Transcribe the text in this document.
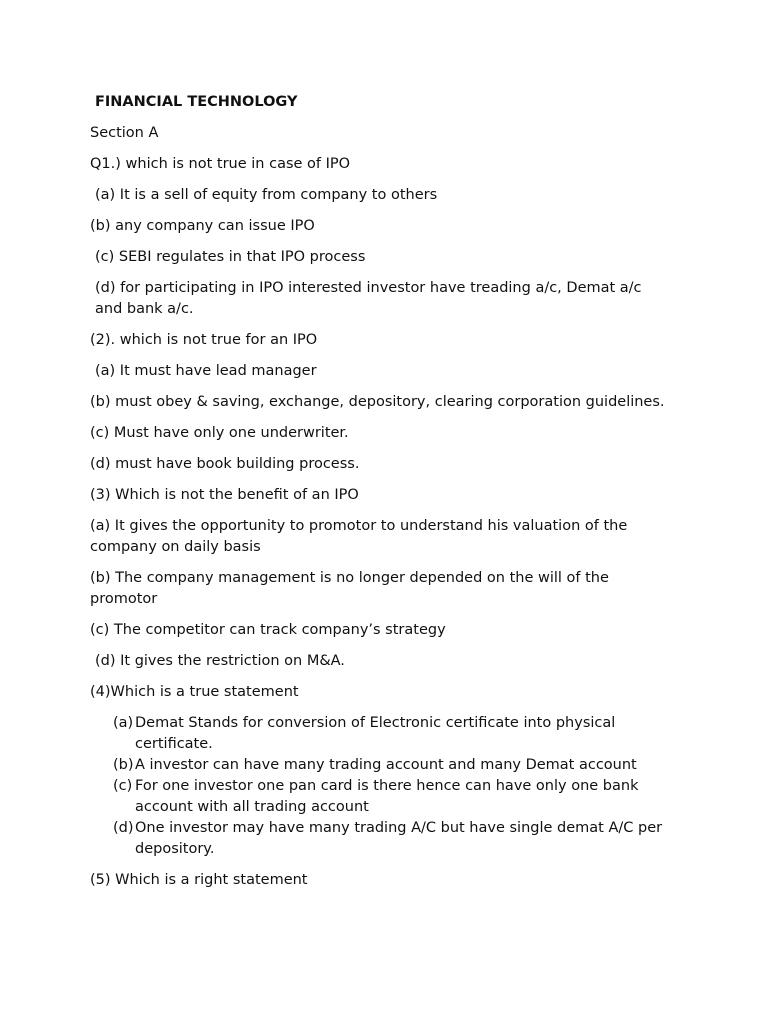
FINANCIAL TECHNOLOGY

Section A

Q1.) which is not true in case of IPO

(a) It is a sell of equity from company to others

(b) any company can issue IPO

(c) SEBI regulates in that IPO process

(d) for participating in IPO interested investor have treading a/c, Demat a/c and bank a/c.

(2). which is not true for an IPO

(a) It must have lead manager

(b) must obey & saving, exchange, depository, clearing corporation guidelines.

(c) Must have only one underwriter.

(d) must have book building process.

(3) Which is not the benefit of an IPO

(a) It gives the opportunity to promotor to understand his valuation of the company on daily basis

(b) The company management is no longer depended on the will of the promotor

(c) The competitor can track company’s strategy

(d) It gives the restriction on M&A.

(4)Which is a true statement

(a) Demat Stands for conversion of Electronic certificate into physical certificate.
(b) A investor can have many trading account and many Demat account
(c) For one investor one pan card is there hence can have only one bank account with all trading account
(d) One investor may have many trading A/C but have single demat A/C per depository.

(5) Which is a right statement
